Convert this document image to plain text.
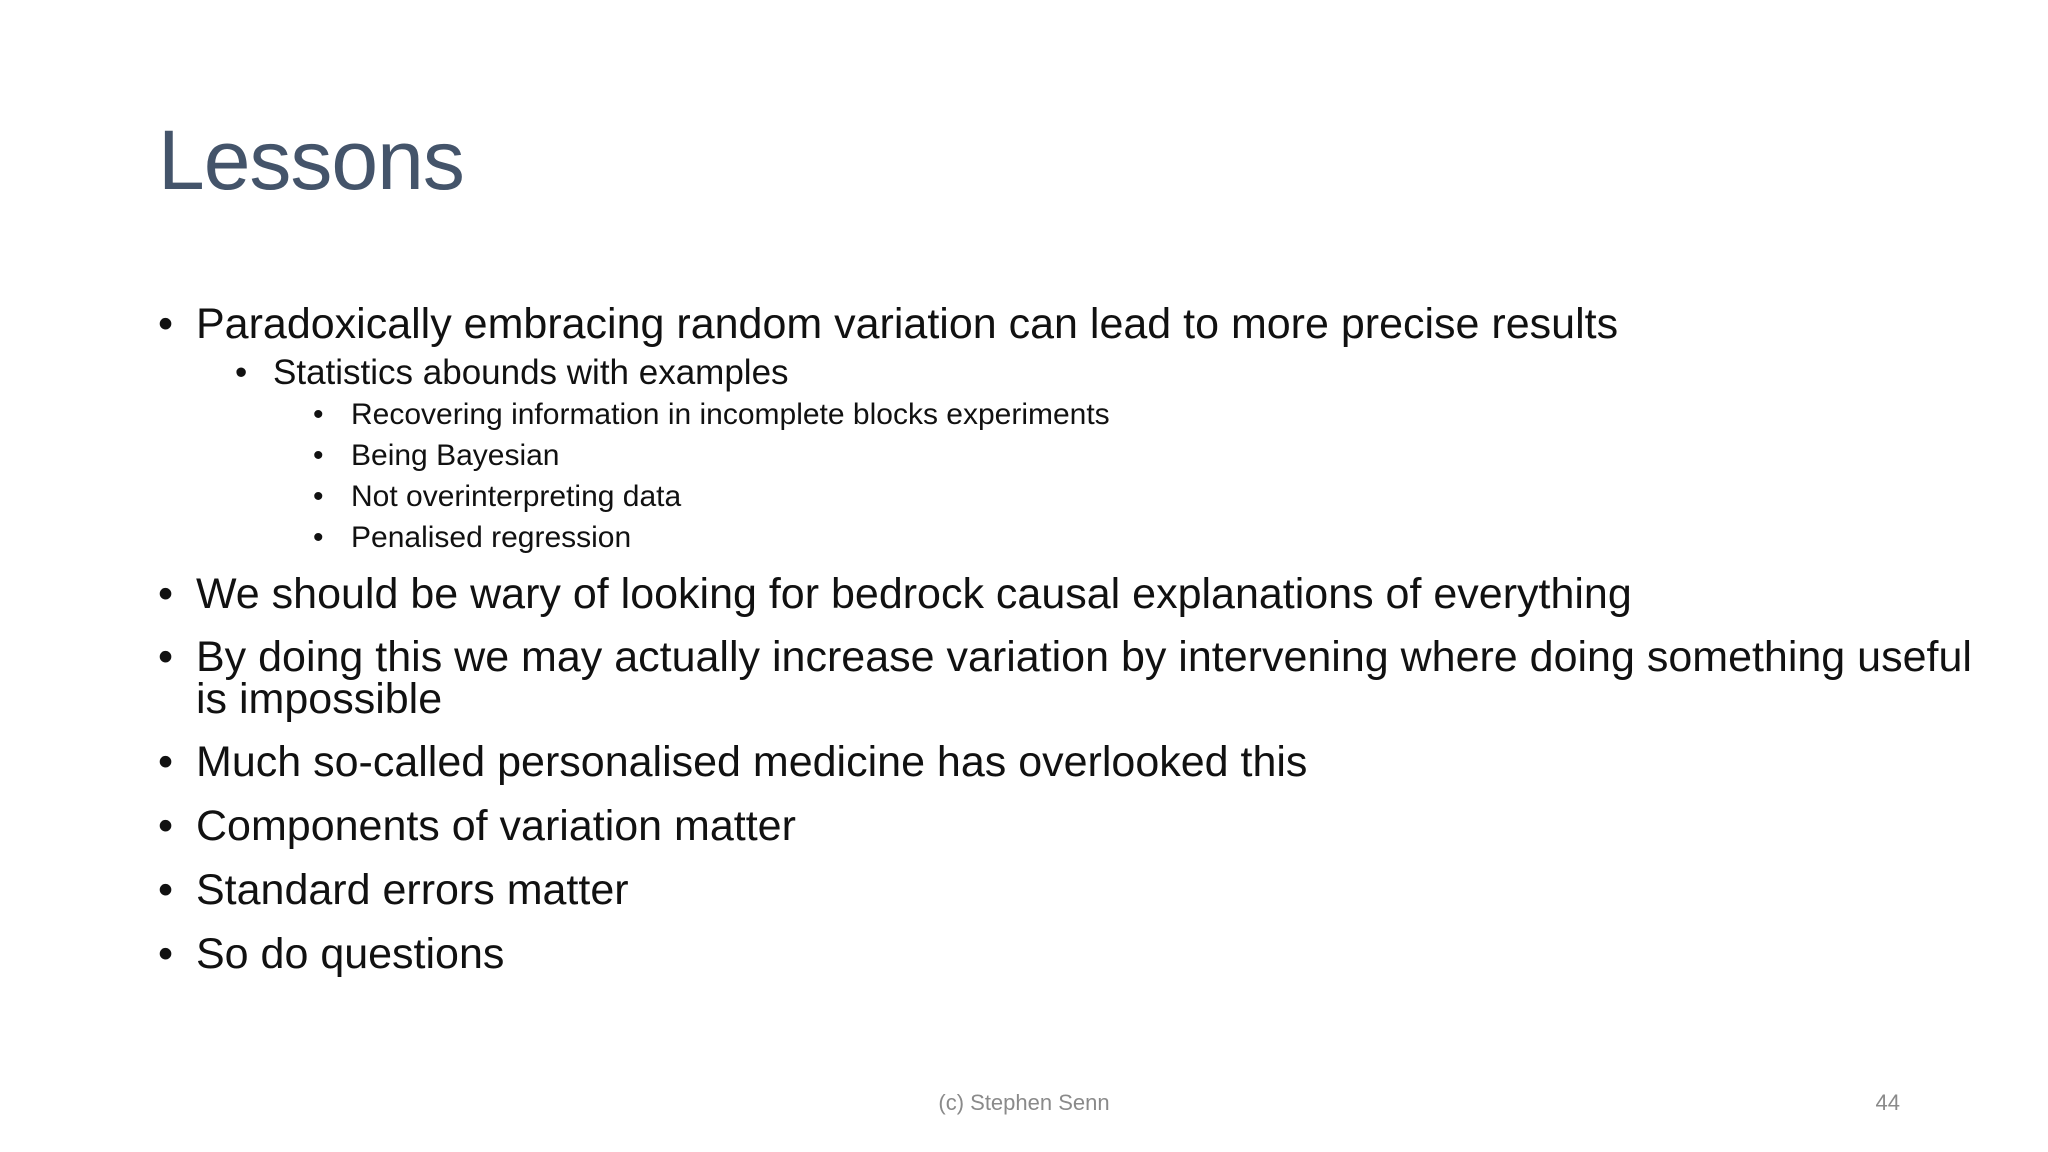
Lessons
• Paradoxically embracing random variation can lead to more precise results
• Statistics abounds with examples
• Recovering information in incomplete blocks experiments
• Being Bayesian
• Not overinterpreting data
• Penalised regression
• We should be wary of looking for bedrock causal explanations of everything
• By doing this we may actually increase variation by intervening where doing something useful is impossible
• Much so-called personalised medicine has overlooked this
• Components of variation matter
• Standard errors matter
• So do questions
(c) Stephen Senn	44
